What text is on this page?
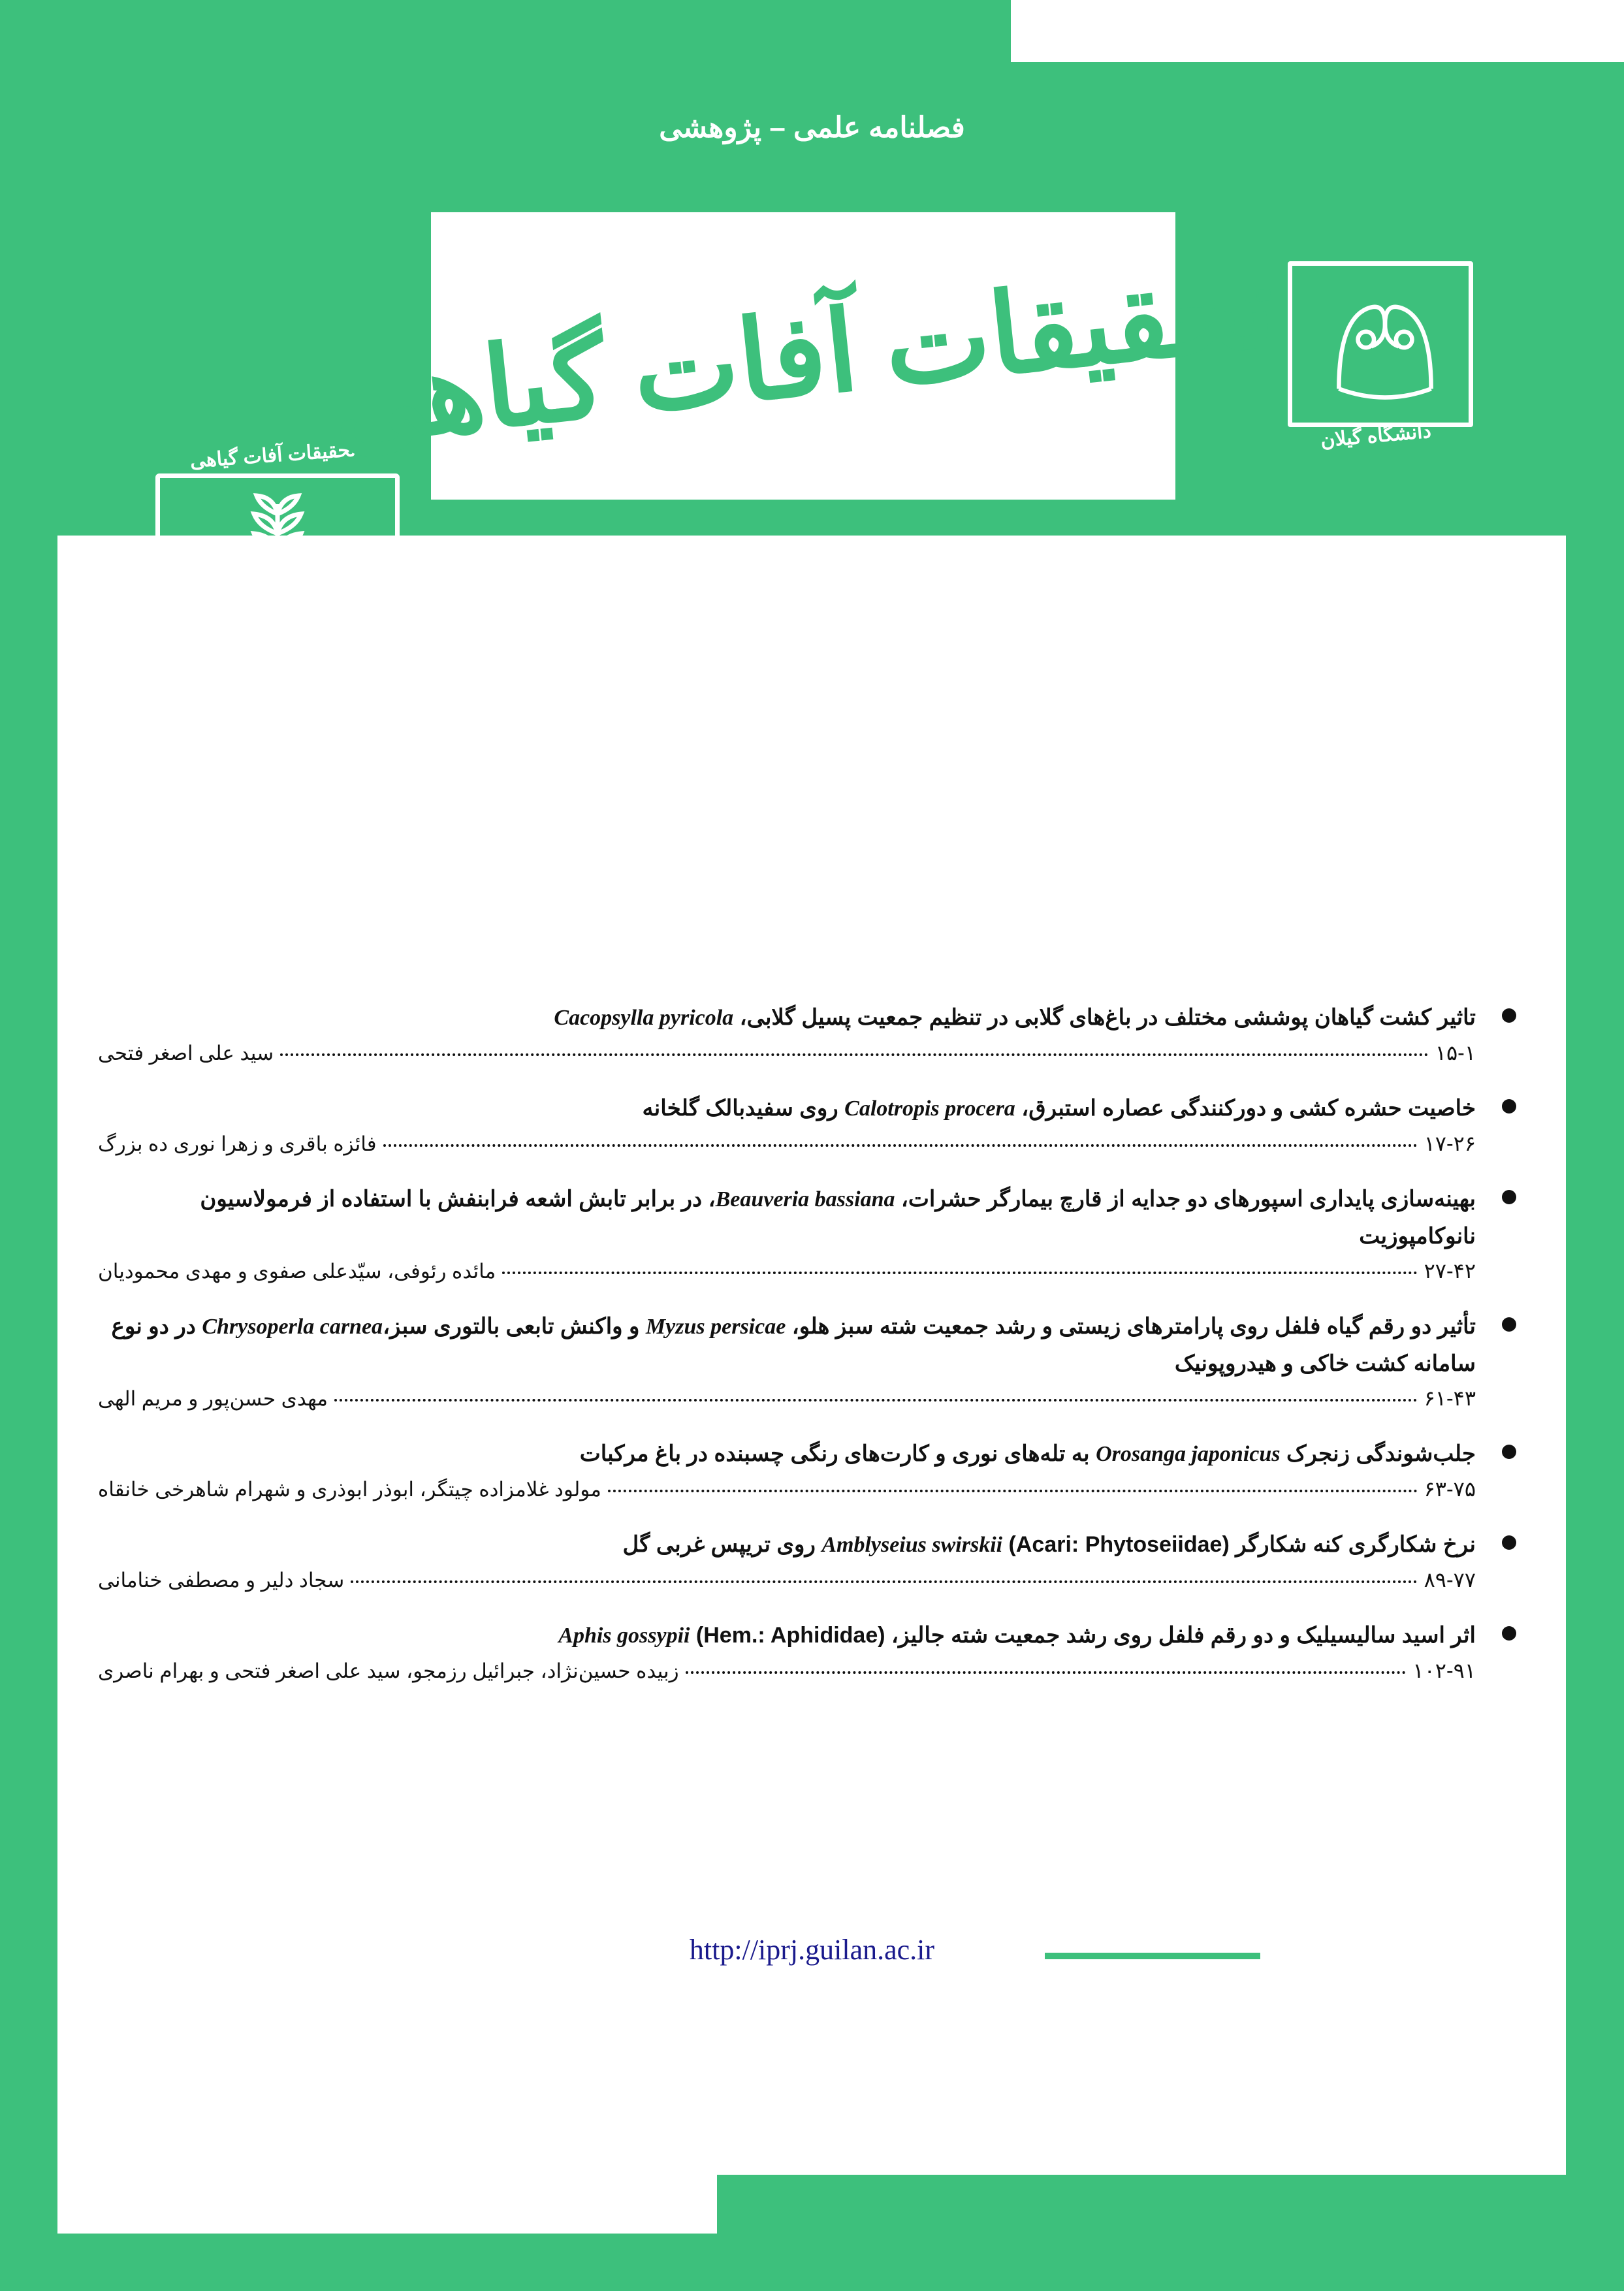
فصلنامه علمی – پژوهشی
تحقیقات آفات گیاهی
تحقیقات آفات گیاهی	دانشگاه گیلان
● دوره سیزدهم●
● شماره سوم● پاییز ۱۴۰۲
شاپا چاپی: ۲۴۰۹-۲۳۲۲
شاپا الکترونیکی: ۶۱۲۳-۲۵۳۸
تاثیر کشت گیاهان پوششی مختلف در باغ‌های گلابی در تنظیم جمعیت پسیل گلابی، Cacopsylla pyricola
سید علی اصغر فتحی	۱۵-۱
خاصیت حشره کشی و دورکنندگی عصاره استبرق، Calotropis procera روی سفیدبالک گلخانه
فائزه باقری و زهرا نوری ده بزرگ	۱۷-۲۶
بهینه‌سازی پایداری اسپورهای دو جدایه از قارچ بیمارگر حشرات، Beauveria bassiana، در برابر تابش اشعه فرابنفش با استفاده از فرمولاسیون نانوکامپوزیت
مائده رئوفی، سیّدعلی صفوی و مهدی محمودیان	۲۷-۴۲
تأثیر دو رقم گیاه فلفل روی پارامترهای زیستی و رشد جمعیت شته سبز هلو، Myzus persicae و واکنش تابعی بالتوری سبز،Chrysoperla carnea در دو نوع سامانه کشت خاکی و هیدروپونیک
مهدی حسن‌پور و مریم الهی	۶۱-۴۳
جلب‌شوندگی زنجرک Orosanga japonicus به تله‌های نوری و کارت‌های رنگی چسبنده در باغ مرکبات
مولود غلامزاده چیتگر، ابوذر ابوذری و شهرام شاهرخی خانقاه	۶۳-۷۵
نرخ شکارگری کنه شکارگر Amblyseius swirskii (Acari: Phytoseiidae) روی تریپس غربی گل
سجاد دلیر و مصطفی خنامانی	۸۹-۷۷
اثر اسید سالیسیلیک و دو رقم فلفل روی رشد جمعیت شته جالیز، Aphis gossypii (Hem.: Aphididae)
زبیده حسین‌نژاد، جبرائیل رزمجو، سید علی اصغر فتحی و بهرام ناصری	۱۰۲-۹۱
http://iprj.guilan.ac.ir
